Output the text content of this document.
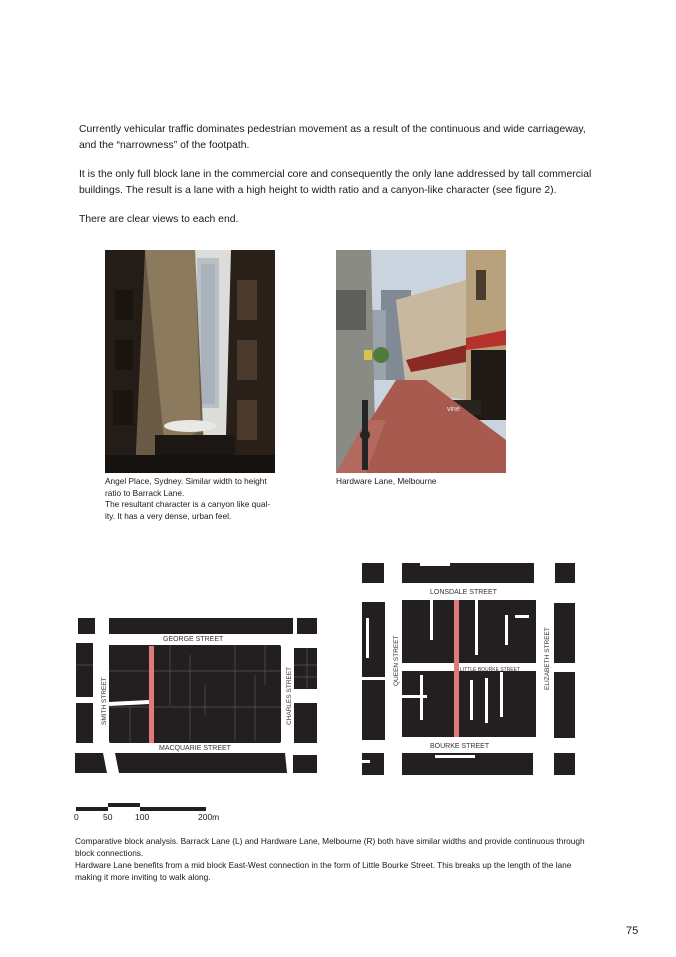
Currently vehicular traffic dominates pedestrian movement as a result of the continuous and wide carriageway, and the “narrowness” of the footpath.

It is the only full block lane in the commercial core and consequently the only lane addressed by tall commercial buildings. The result is a lane with a high height to width ratio and a canyon-like character (see figure 2).

There are clear views to each end.

vine
Angel Place, Sydney. Similar width to height
ratio to Barrack Lane.
The resultant character is a canyon like qual-
ity. It has a very dense, urban feel.
Hardware Lane, Melbourne
GEORGE STREET
MACQUARIE STREET
SMITH STREET	CHARLES STREET
LONSDALE STREET
BOURKE STREET
LITTLE BOURKE STREET
QUEEN STREET	ELIZABETH STREET
0	50	100	200m
Comparative block analysis. Barrack Lane (L) and Hardware Lane, Melbourne (R) both have similar widths and provide continuous through block connections.
Hardware Lane benefits from a mid block East-West connection in the form of Little Bourke Street. This breaks up the length of the lane making it more inviting to walk along.
75
